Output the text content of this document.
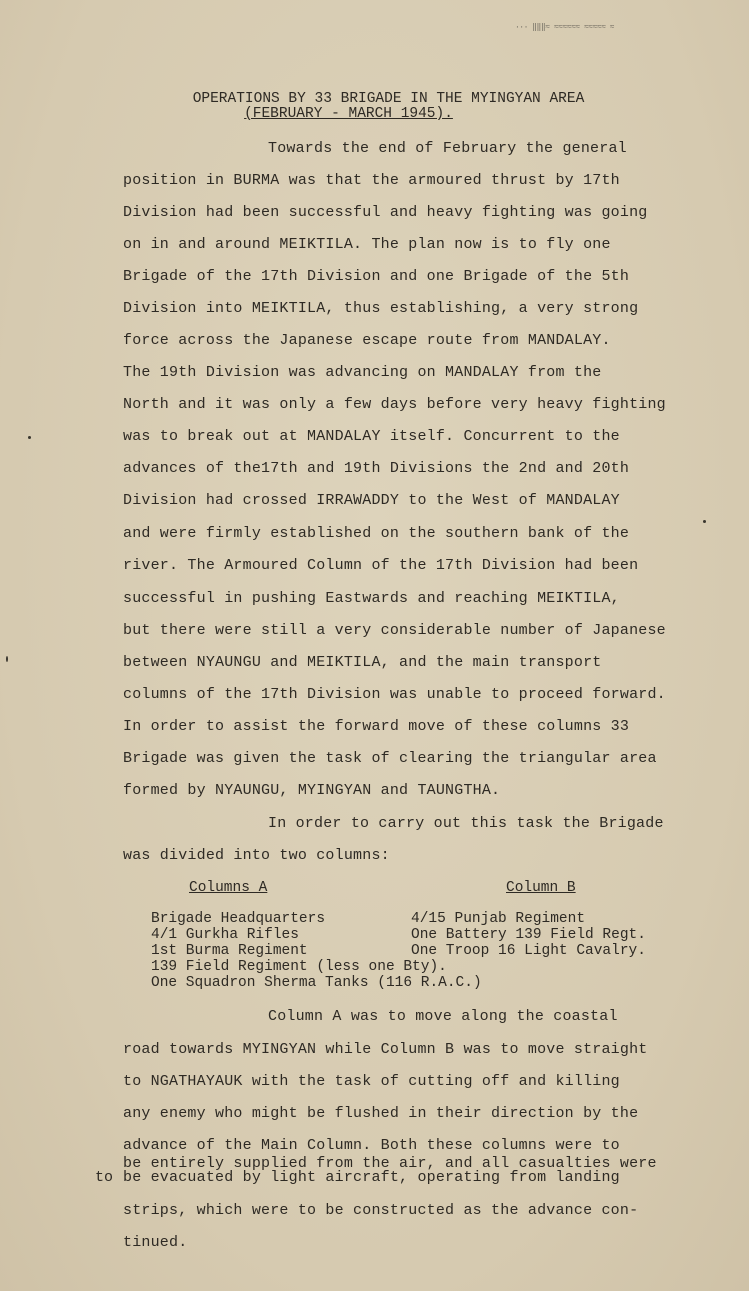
··· ‖‖‖≈ ≈≈≈≈≈≈ ≈≈≈≈≈ ≈
OPERATIONS BY 33 BRIGADE IN THE MYINGYAN AREA
(FEBRUARY - MARCH 1945).
Towards the end of February the general
position in BURMA was that the armoured thrust by 17th
Division had been successful and heavy fighting was going
on in and around MEIKTILA. The plan now is to fly one
Brigade of the 17th Division and one Brigade of the 5th
Division into MEIKTILA, thus establishing, a very strong
force across the Japanese escape route from MANDALAY.
The 19th Division was advancing on MANDALAY from the
North and it was only a few days before very heavy fighting
was to break out at MANDALAY itself. Concurrent to the
advances of the17th and 19th Divisions the 2nd and 20th
Division had crossed IRRAWADDY to the West of MANDALAY
and were firmly established on the southern bank of the
river. The Armoured Column of the 17th Division had been
successful in pushing Eastwards and reaching MEIKTILA,
but there were still a very considerable number of Japanese
between NYAUNGU and MEIKTILA, and the main transport
columns of the 17th Division was unable to proceed forward.
In order to assist the forward move of these columns 33
Brigade was given the task of clearing the triangular area
formed by NYAUNGU, MYINGYAN and TAUNGTHA.
In order to carry out this task the Brigade
was divided into two columns:
Columns A	Column B
Brigade Headquarters
4/1 Gurkha Rifles
1st Burma Regiment
139 Field Regiment (less one Bty).
One Squadron Sherma Tanks (116 R.A.C.)
4/15 Punjab Regiment
One Battery 139 Field Regt.
One Troop 16 Light Cavalry.
Column A was to move along the coastal
road towards MYINGYAN while Column B was to move straight
to NGATHAYAUK with the task of cutting off and killing
any enemy who might be flushed in their direction by the
advance of the Main Column. Both these columns were to
be entirely supplied from the air, and all casualties were
to be evacuated by light aircraft, operating from landing
strips, which were to be constructed as the advance con-
tinued.
